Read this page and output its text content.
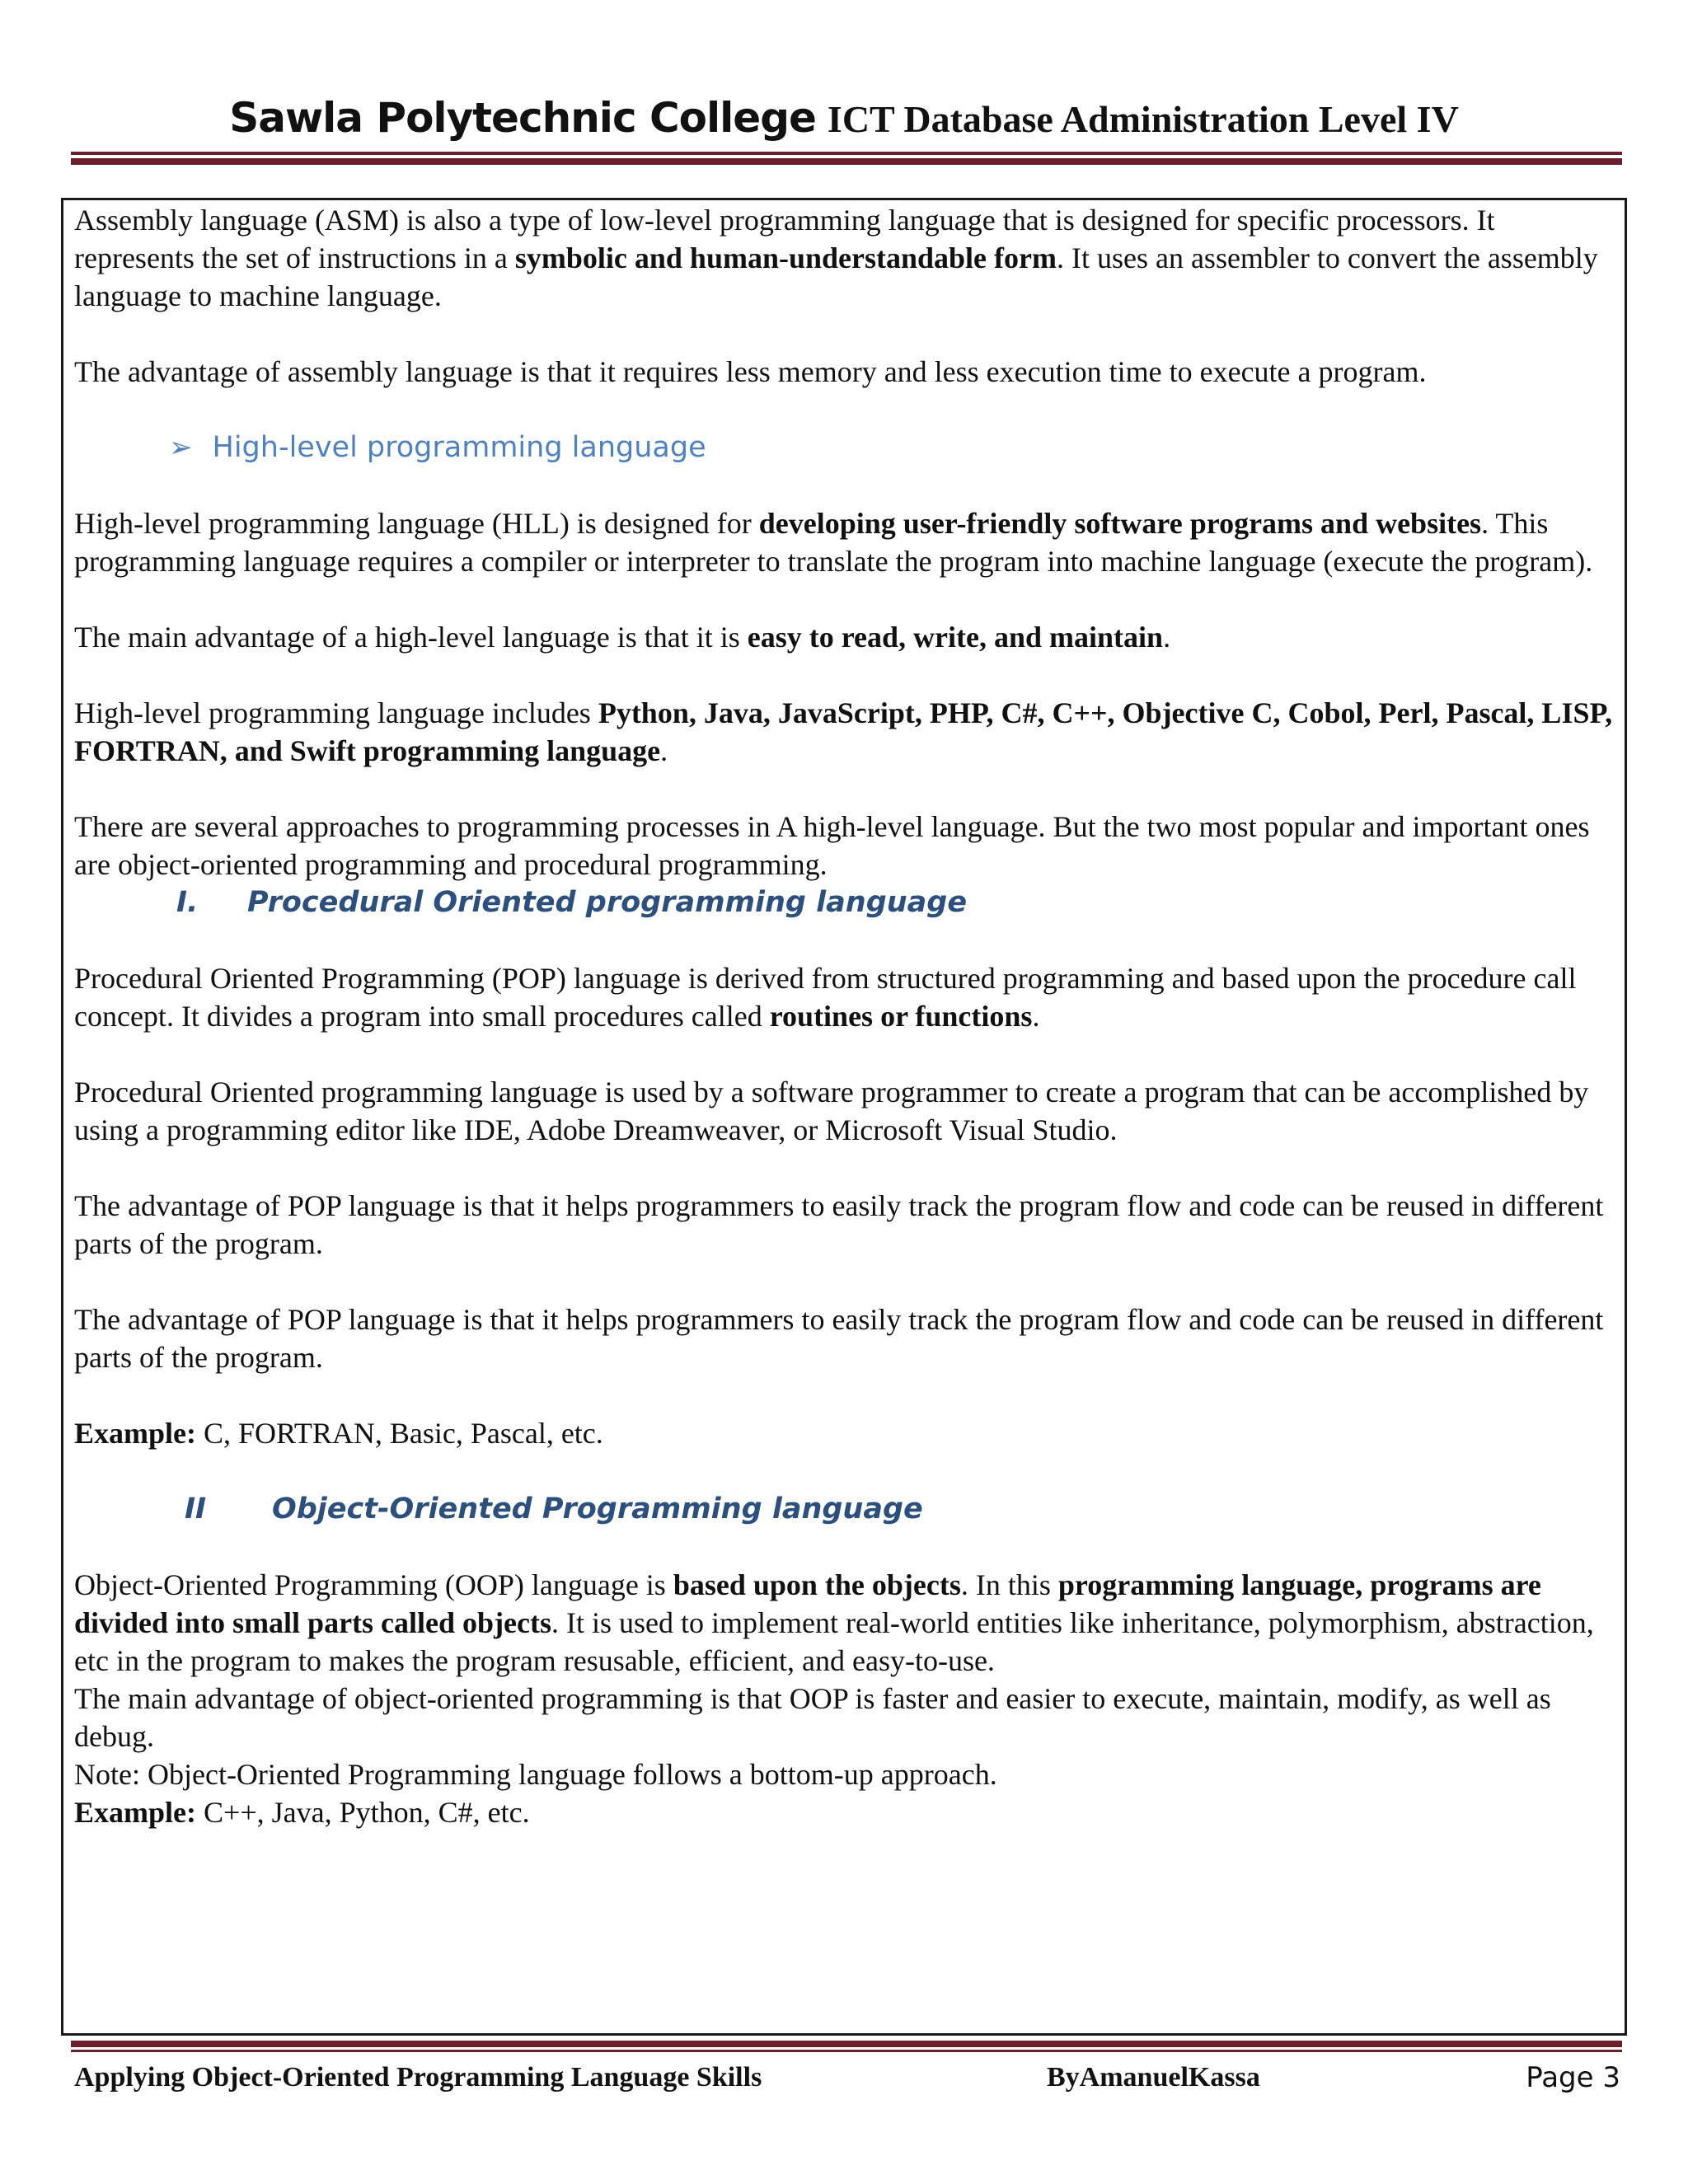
Sawla Polytechnic College ICT Database Administration Level IV

Assembly language (ASM) is also a type of low-level programming language that is designed for specific processors. It represents the set of instructions in a symbolic and human-understandable form. It uses an assembler to convert the assembly language to machine language.

The advantage of assembly language is that it requires less memory and less execution time to execute a program.

➢ High-level programming language

High-level programming language (HLL) is designed for developing user-friendly software programs and websites. This programming language requires a compiler or interpreter to translate the program into machine language (execute the program).

The main advantage of a high-level language is that it is easy to read, write, and maintain.

High-level programming language includes Python, Java, JavaScript, PHP, C#, C++, Objective C, Cobol, Perl, Pascal, LISP, FORTRAN, and Swift programming language.

There are several approaches to programming processes in A high-level language. But the two most popular and important ones are object-oriented programming and procedural programming.

I. Procedural Oriented programming language

Procedural Oriented Programming (POP) language is derived from structured programming and based upon the procedure call concept. It divides a program into small procedures called routines or functions.

Procedural Oriented programming language is used by a software programmer to create a program that can be accomplished by using a programming editor like IDE, Adobe Dreamweaver, or Microsoft Visual Studio.

The advantage of POP language is that it helps programmers to easily track the program flow and code can be reused in different parts of the program.

The advantage of POP language is that it helps programmers to easily track the program flow and code can be reused in different parts of the program.

Example: C, FORTRAN, Basic, Pascal, etc.

II Object-Oriented Programming language

Object-Oriented Programming (OOP) language is based upon the objects. In this programming language, programs are divided into small parts called objects. It is used to implement real-world entities like inheritance, polymorphism, abstraction, etc in the program to makes the program resusable, efficient, and easy-to-use.

The main advantage of object-oriented programming is that OOP is faster and easier to execute, maintain, modify, as well as debug.

Note: Object-Oriented Programming language follows a bottom-up approach.

Example: C++, Java, Python, C#, etc.

Applying Object-Oriented Programming Language Skills	ByAmanuelKassa	Page 3
